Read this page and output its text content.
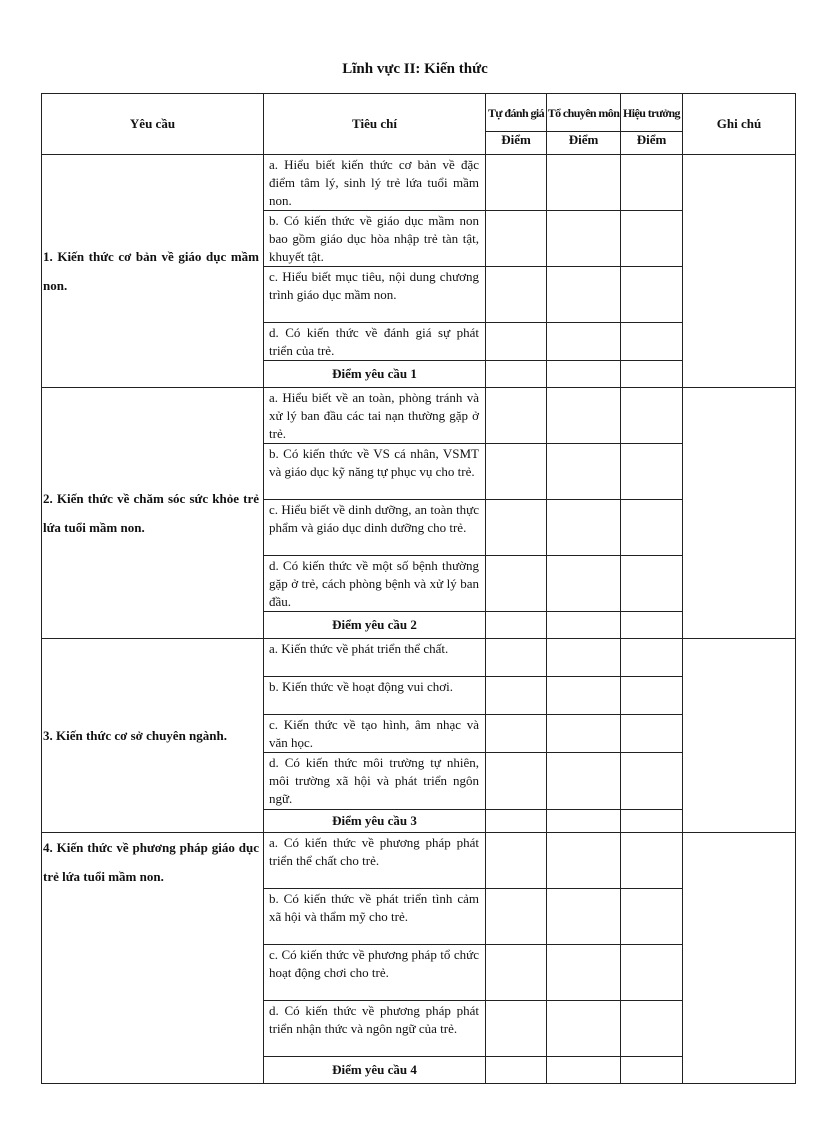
Lĩnh vực II: Kiến thức
Yêu cầu	Tiêu chí	Tự đánh giá	Tổ chuyên môn	Hiệu trưởng	Ghi chú
		Điểm	Điểm	Điểm	
1. Kiến thức cơ bản về giáo dục mầm non.	a. Hiểu biết kiến thức cơ bản về đặc điểm tâm lý, sinh lý trẻ lứa tuổi mầm non.				
	b. Có kiến thức về giáo dục mầm non bao gồm giáo dục hòa nhập trẻ tàn tật, khuyết tật.				
	c. Hiểu biết mục tiêu, nội dung chương trình giáo dục mầm non.				
	d. Có kiến thức về đánh giá sự phát triển của trẻ.				
	Điểm yêu cầu 1				
2. Kiến thức về chăm sóc sức khỏe trẻ lứa tuổi mầm non.	a. Hiểu biết về an toàn, phòng tránh và xử lý ban đầu các tai nạn thường gặp ở trẻ.				
	b. Có kiến thức về VS cá nhân, VSMT và giáo dục kỹ năng tự phục vụ cho trẻ.				
	c. Hiểu biết về dinh dưỡng, an toàn thực phẩm và giáo dục dinh dưỡng cho trẻ.				
	d. Có kiến thức về một số bệnh thường gặp ở trẻ, cách phòng bệnh và xử lý ban đầu.				
	Điểm yêu cầu 2				
3. Kiến thức cơ sở chuyên ngành.	a. Kiến thức về phát triển thể chất.				
	b. Kiến thức về hoạt động vui chơi.				
	c. Kiến thức về tạo hình, âm nhạc và văn học.				
	d. Có kiến thức môi trường tự nhiên, môi trường xã hội và phát triển ngôn ngữ.				
	Điểm yêu cầu 3				
4. Kiến thức về phương pháp giáo dục trẻ lứa tuổi mầm non.	a. Có kiến thức về phương pháp phát triển thể chất cho trẻ.				
	b. Có kiến thức về phát triển tình cảm xã hội và thẩm mỹ cho trẻ.				
	c. Có kiến thức về phương pháp tổ chức hoạt động chơi cho trẻ.				
	d. Có kiến thức về phương pháp phát triển nhận thức và ngôn ngữ của trẻ.				
	Điểm yêu cầu 4				
